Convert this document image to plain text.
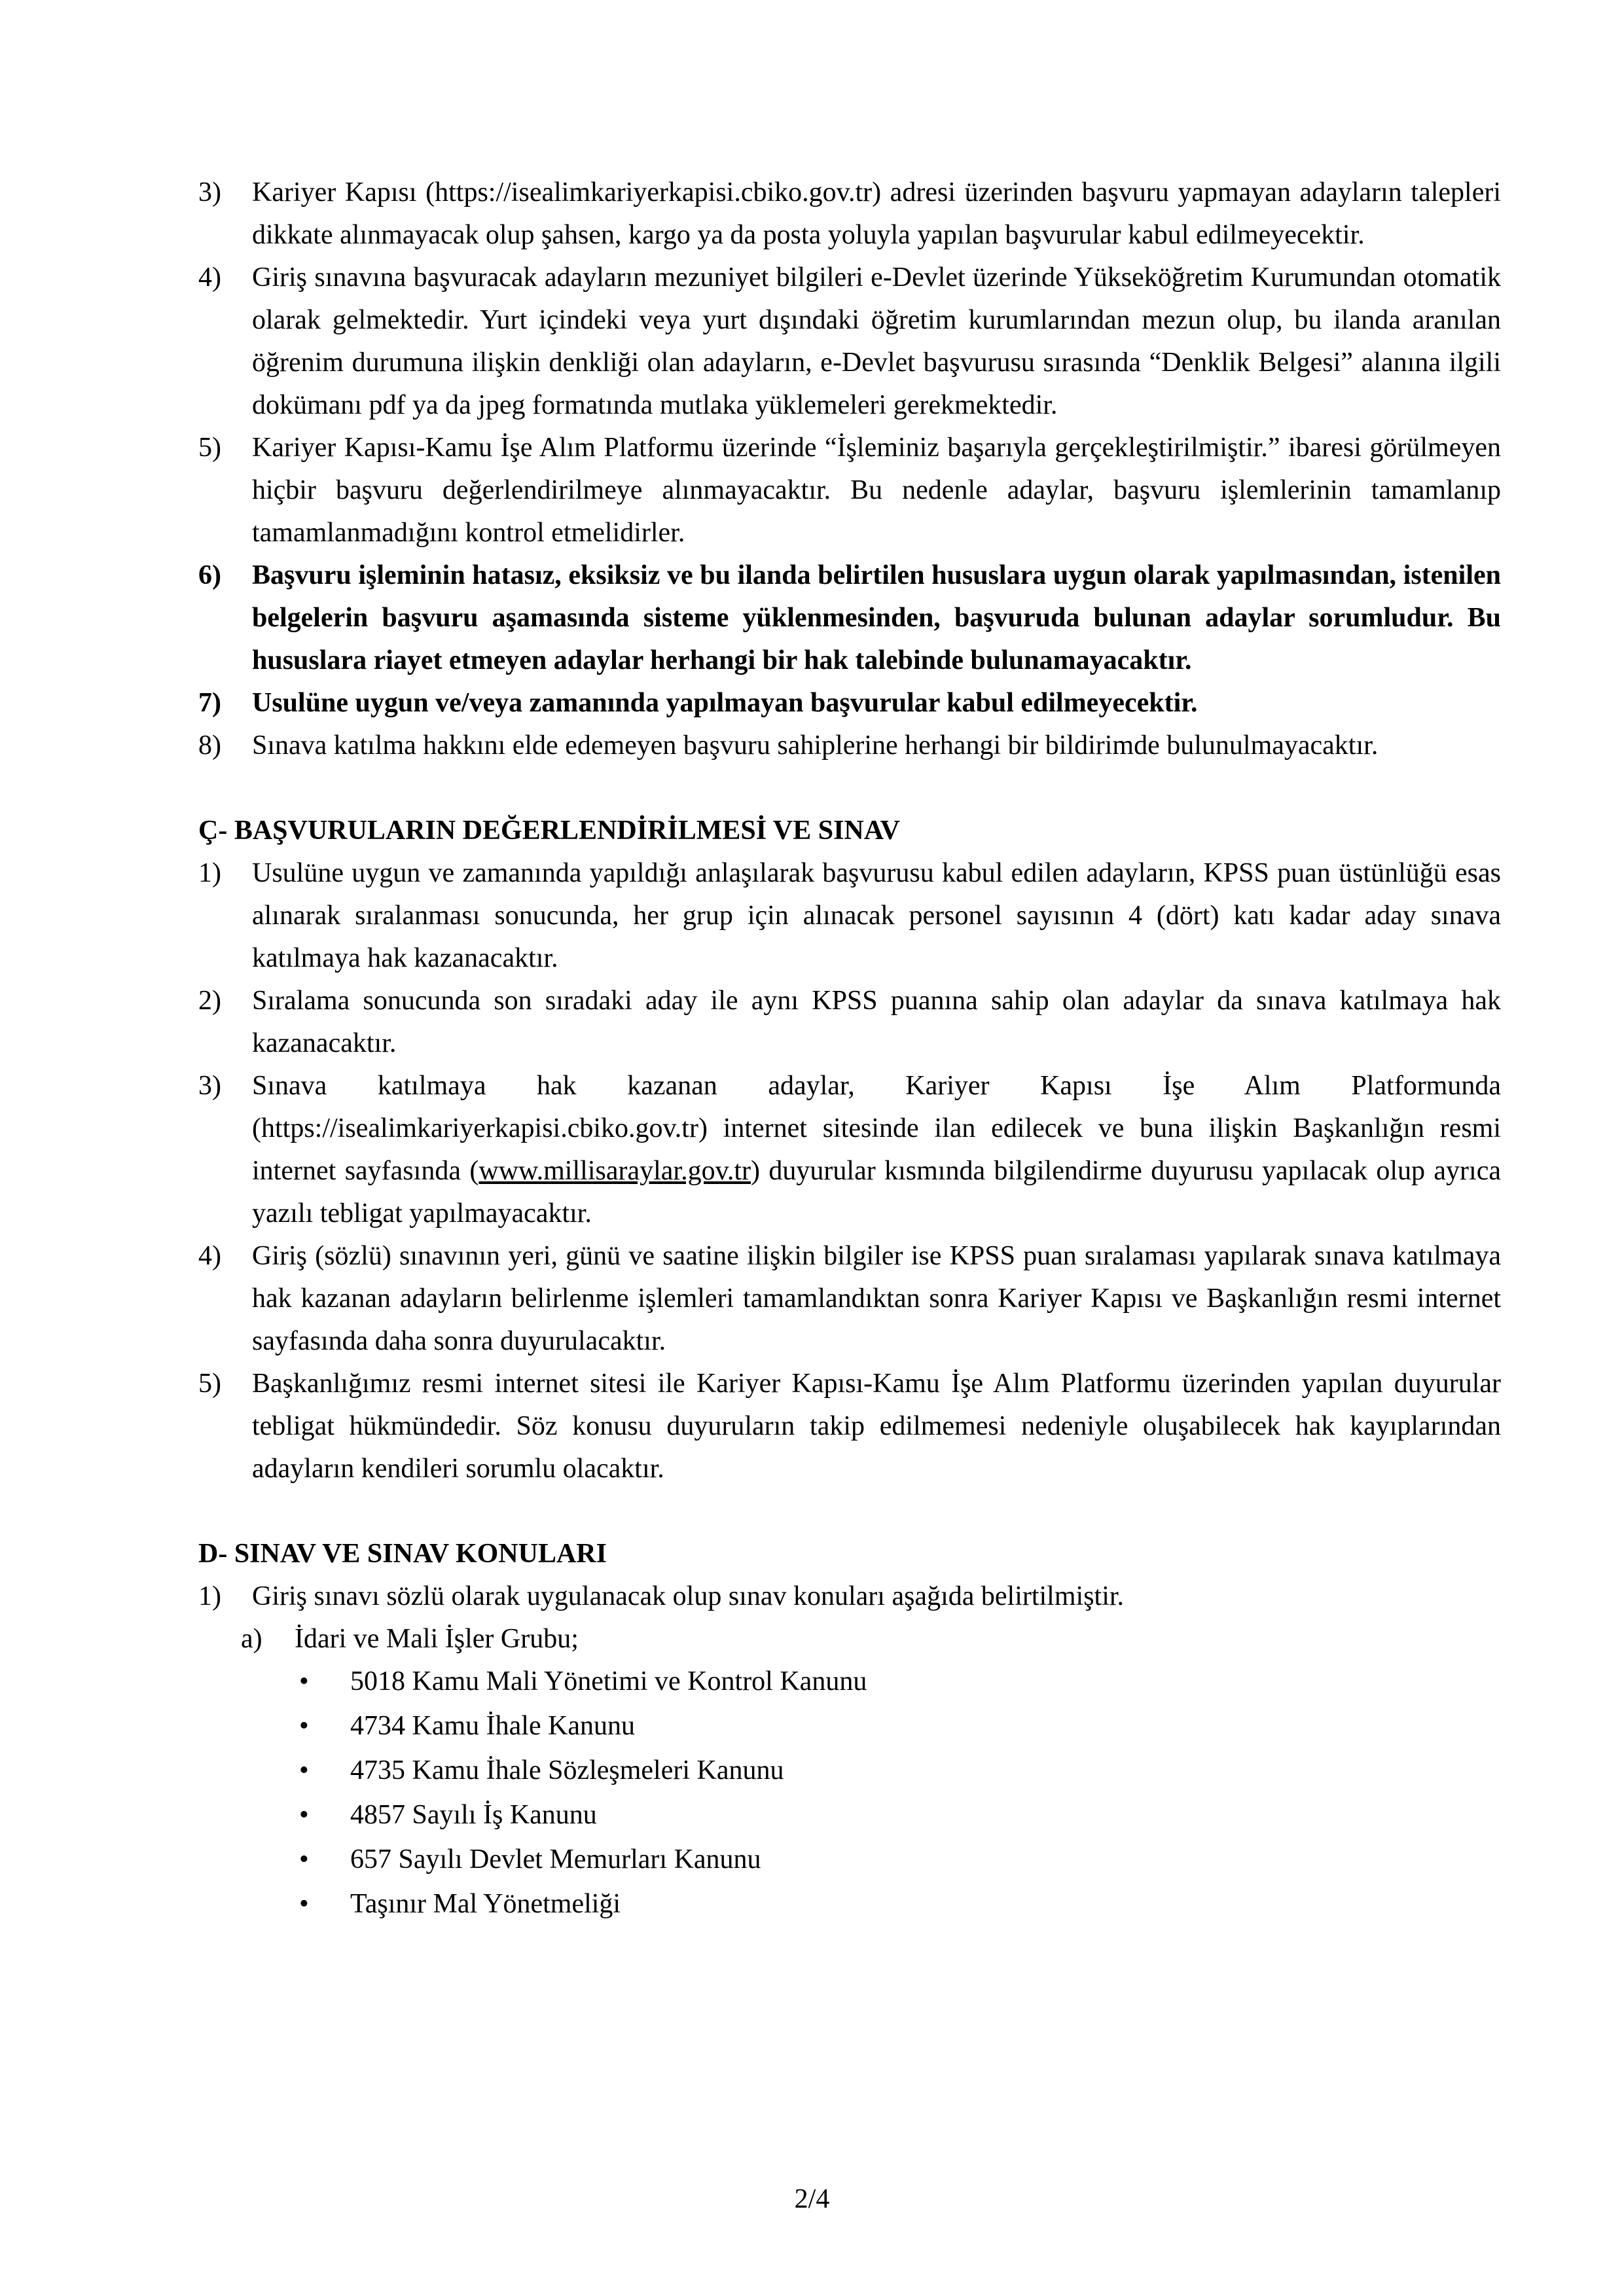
3)	Kariyer Kapısı (https://isealimkariyerkapisi.cbiko.gov.tr) adresi üzerinden başvuru yapmayan adayların talepleri dikkate alınmayacak olup şahsen, kargo ya da posta yoluyla yapılan başvurular kabul edilmeyecektir.
4)	Giriş sınavına başvuracak adayların mezuniyet bilgileri e-Devlet üzerinde Yükseköğretim Kurumundan otomatik olarak gelmektedir. Yurt içindeki veya yurt dışındaki öğretim kurumlarından mezun olup, bu ilanda aranılan öğrenim durumuna ilişkin denkliği olan adayların, e-Devlet başvurusu sırasında “Denklik Belgesi” alanına ilgili dokümanı pdf ya da jpeg formatında mutlaka yüklemeleri gerekmektedir.
5)	Kariyer Kapısı-Kamu İşe Alım Platformu üzerinde “İşleminiz başarıyla gerçekleştirilmiştir.” ibaresi görülmeyen hiçbir başvuru değerlendirilmeye alınmayacaktır. Bu nedenle adaylar, başvuru işlemlerinin tamamlanıp tamamlanmadığını kontrol etmelidirler.
6)	Başvuru işleminin hatasız, eksiksiz ve bu ilanda belirtilen hususlara uygun olarak yapılmasından, istenilen belgelerin başvuru aşamasında sisteme yüklenmesinden, başvuruda bulunan adaylar sorumludur. Bu hususlara riayet etmeyen adaylar herhangi bir hak talebinde bulunamayacaktır.
7)	Usulüne uygun ve/veya zamanında yapılmayan başvurular kabul edilmeyecektir.
8)	Sınava katılma hakkını elde edemeyen başvuru sahiplerine herhangi bir bildirimde bulunulmayacaktır.
Ç- BAŞVURULARIN DEĞERLENDİRİLMESİ VE SINAV
1)	Usulüne uygun ve zamanında yapıldığı anlaşılarak başvurusu kabul edilen adayların, KPSS puan üstünlüğü esas alınarak sıralanması sonucunda, her grup için alınacak personel sayısının 4 (dört) katı kadar aday sınava katılmaya hak kazanacaktır.
2)	Sıralama sonucunda son sıradaki aday ile aynı KPSS puanına sahip olan adaylar da sınava katılmaya hak kazanacaktır.
3)	Sınava katılmaya hak kazanan adaylar, Kariyer Kapısı İşe Alım Platformunda (https://isealimkariyerkapisi.cbiko.gov.tr) internet sitesinde ilan edilecek ve buna ilişkin Başkanlığın resmi internet sayfasında (www.millisaraylar.gov.tr) duyurular kısmında bilgilendirme duyurusu yapılacak olup ayrıca yazılı tebligat yapılmayacaktır.
4)	Giriş (sözlü) sınavının yeri, günü ve saatine ilişkin bilgiler ise KPSS puan sıralaması yapılarak sınava katılmaya hak kazanan adayların belirlenme işlemleri tamamlandıktan sonra Kariyer Kapısı ve Başkanlığın resmi internet sayfasında daha sonra duyurulacaktır.
5)	Başkanlığımız resmi internet sitesi ile Kariyer Kapısı-Kamu İşe Alım Platformu üzerinden yapılan duyurular tebligat hükmündedir. Söz konusu duyuruların takip edilmemesi nedeniyle oluşabilecek hak kayıplarından adayların kendileri sorumlu olacaktır.
D- SINAV VE SINAV KONULARI
1)	Giriş sınavı sözlü olarak uygulanacak olup sınav konuları aşağıda belirtilmiştir.
a) İdari ve Mali İşler Grubu;
• 5018 Kamu Mali Yönetimi ve Kontrol Kanunu
• 4734 Kamu İhale Kanunu
• 4735 Kamu İhale Sözleşmeleri Kanunu
• 4857 Sayılı İş Kanunu
• 657 Sayılı Devlet Memurları Kanunu
• Taşınır Mal Yönetmeliği
2/4
